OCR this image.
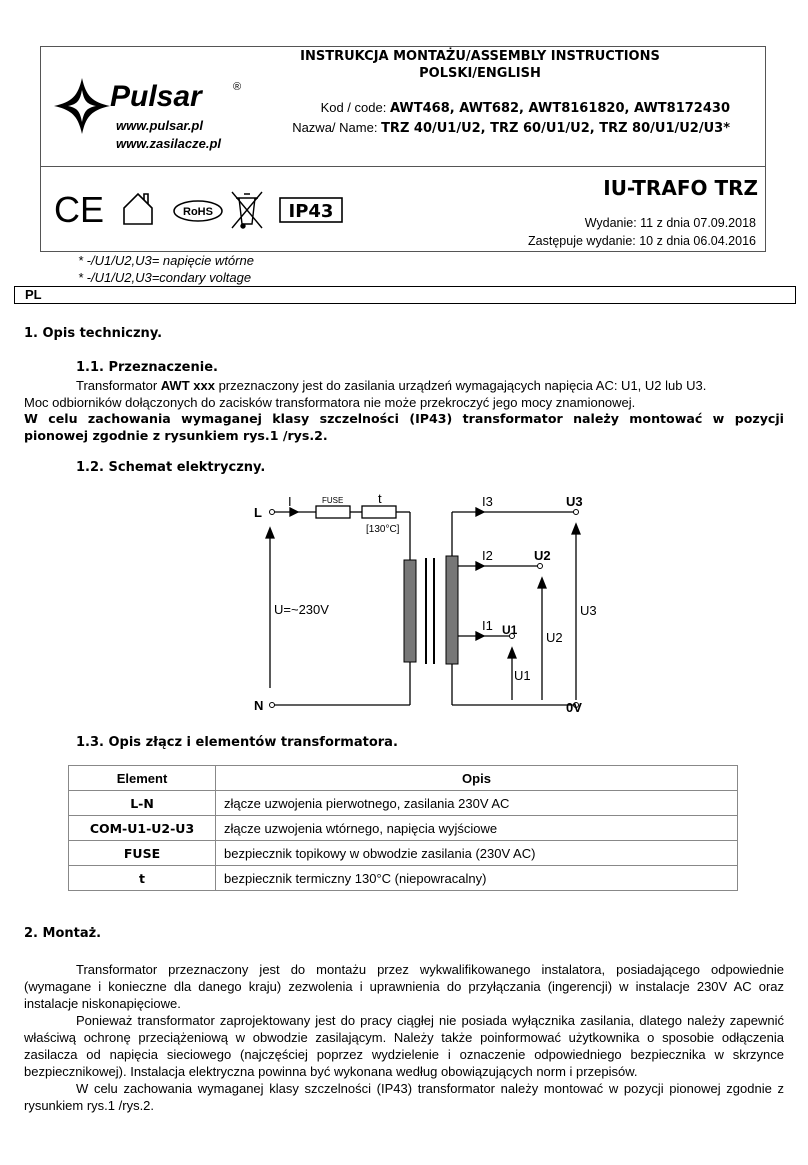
Pulsar	®
www.pulsar.pl
www.zasilacze.pl
INSTRUKCJA MONTAŻU/ASSEMBLY INSTRUCTIONS
POLSKI/ENGLISH
Kod / code: AWT468, AWT682, AWT8161820, AWT8172430
Nazwa/ Name: TRZ 40/U1/U2, TRZ 60/U1/U2, TRZ 80/U1/U2/U3*
CE	RoHS	IP43
IU-TRAFO TRZ
Wydanie: 11 z dnia 07.09.2018
Zastępuje wydanie: 10 z dnia 06.04.2016
* -/U1/U2,U3= napięcie wtórne
* -/U1/U2,U3=condary voltage
PL
1. Opis techniczny.
1.1. Przeznaczenie.
Transformator AWT xxx przeznaczony jest do zasilania urządzeń wymagających napięcia AC: U1, U2 lub U3.
Moc odbiorników dołączonych do zacisków transformatora nie może przekroczyć jego mocy znamionowej.
W celu zachowania wymaganej klasy szczelności (IP43) transformator należy montować w pozycji pionowej zgodnie z rysunkiem rys.1 /rys.2.
1.2. Schemat elektryczny.
L
N
I	FUSE	t
[130°C]
U=~230V
I3
I2
I1
U3
U2
U1
0V
U3
U2
U1
1.3. Opis złącz i elementów transformatora.
Element	Opis
L-N	złącze uzwojenia pierwotnego, zasilania 230V AC
COM-U1-U2-U3	złącze uzwojenia wtórnego, napięcia wyjściowe
FUSE	bezpiecznik topikowy w obwodzie zasilania (230V AC)
t	bezpiecznik termiczny 130°C (niepowracalny)
2. Montaż.
Transformator przeznaczony jest do montażu przez wykwalifikowanego instalatora, posiadającego odpowiednie (wymagane i konieczne dla danego kraju) zezwolenia i uprawnienia do przyłączania (ingerencji) w instalacje 230V AC oraz instalacje niskonapięciowe.
Ponieważ transformator zaprojektowany jest do pracy ciągłej nie posiada wyłącznika zasilania, dlatego należy zapewnić właściwą ochronę przeciążeniową w obwodzie zasilającym. Należy także poinformować użytkownika o sposobie odłączenia zasilacza od napięcia sieciowego (najczęściej poprzez wydzielenie i oznaczenie odpowiedniego bezpiecznika w skrzynce bezpiecznikowej). Instalacja elektryczna powinna być wykonana według obowiązujących norm i przepisów.
W celu zachowania wymaganej klasy szczelności (IP43) transformator należy montować w pozycji pionowej zgodnie z rysunkiem rys.1 /rys.2.
